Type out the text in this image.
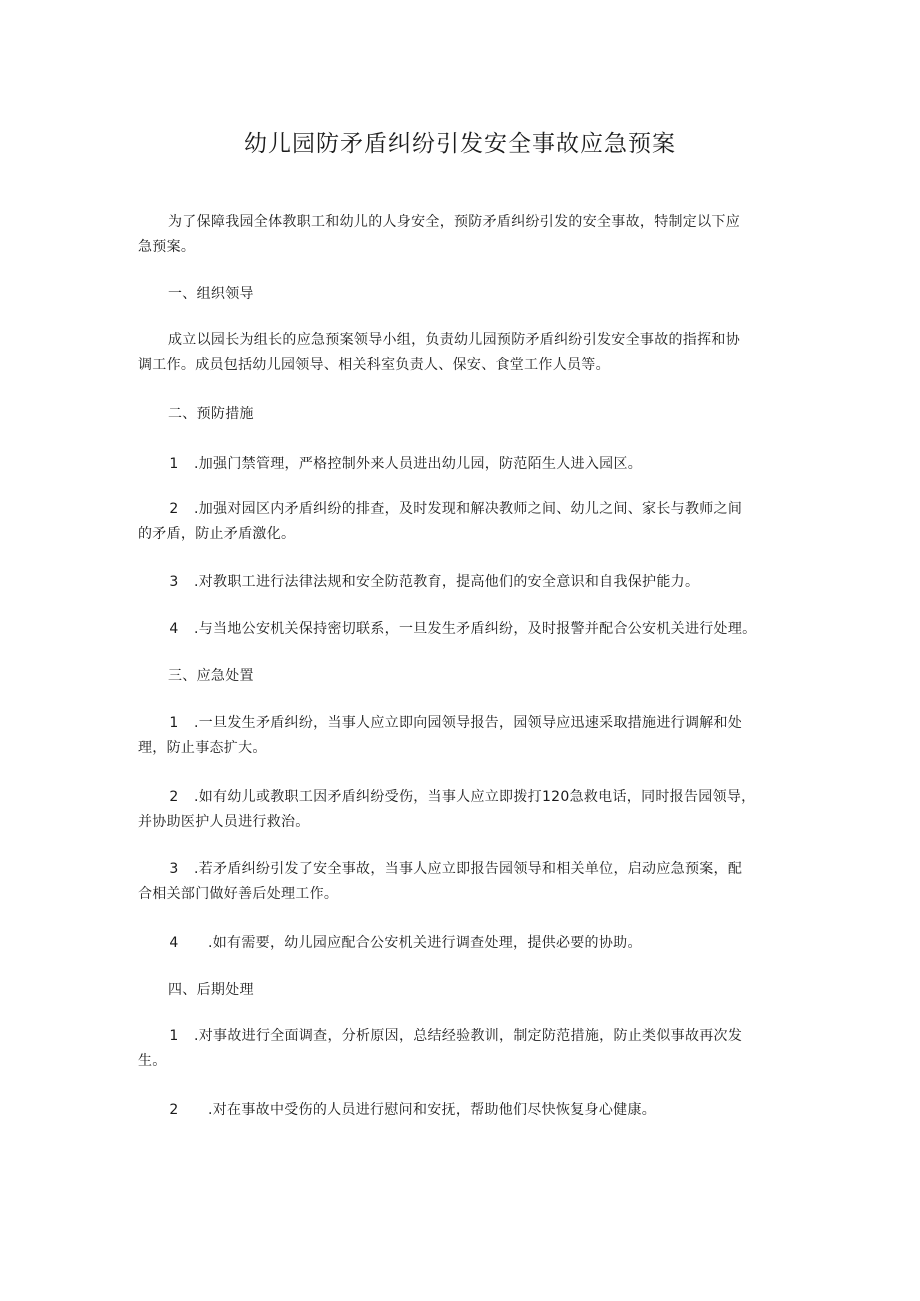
幼儿园防矛盾纠纷引发安全事故应急预案
为了保障我园全体教职工和幼儿的人身安全，预防矛盾纠纷引发的安全事故，特制定以下应
急预案。
一、组织领导
成立以园长为组长的应急预案领导小组，负责幼儿园预防矛盾纠纷引发安全事故的指挥和协
调工作。成员包括幼儿园领导、相关科室负责人、保安、食堂工作人员等。
二、预防措施
1 .加强门禁管理，严格控制外来人员进出幼儿园，防范陌生人进入园区。
2 .加强对园区内矛盾纠纷的排查，及时发现和解决教师之间、幼儿之间、家长与教师之间
的矛盾，防止矛盾激化。
3 .对教职工进行法律法规和安全防范教育，提高他们的安全意识和自我保护能力。
4 .与当地公安机关保持密切联系，一旦发生矛盾纠纷，及时报警并配合公安机关进行处理。
三、应急处置
1 .一旦发生矛盾纠纷，当事人应立即向园领导报告，园领导应迅速采取措施进行调解和处
理，防止事态扩大。
2 .如有幼儿或教职工因矛盾纠纷受伤，当事人应立即拨打120急救电话，同时报告园领导，
并协助医护人员进行救治。
3 .若矛盾纠纷引发了安全事故，当事人应立即报告园领导和相关单位，启动应急预案，配
合相关部门做好善后处理工作。
4 .如有需要，幼儿园应配合公安机关进行调查处理，提供必要的协助。
四、后期处理
1 .对事故进行全面调查，分析原因，总结经验教训，制定防范措施，防止类似事故再次发
生。
2 .对在事故中受伤的人员进行慰问和安抚，帮助他们尽快恢复身心健康。
